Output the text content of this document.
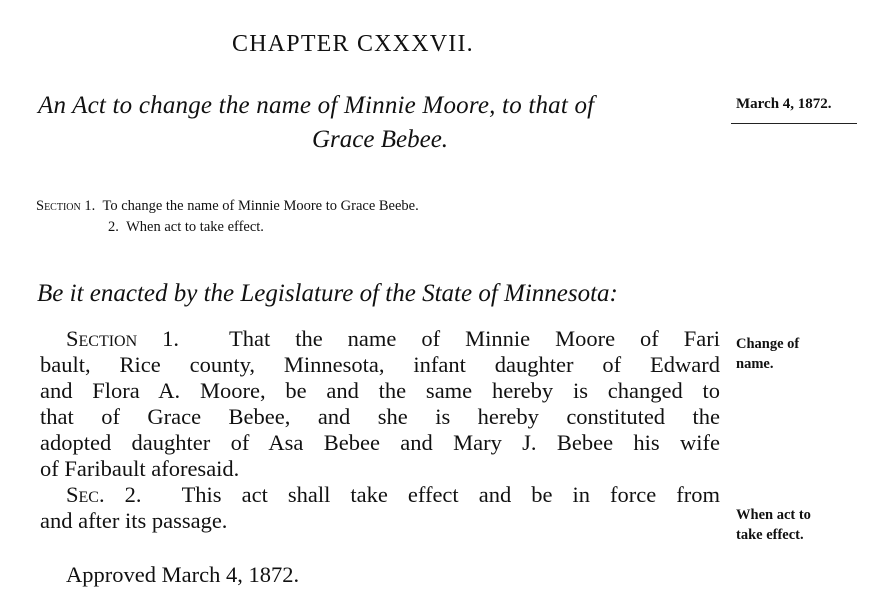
CHAPTER CXXXVII.
An Act to change the name of Minnie Moore, to that of
Grace Bebee.
March 4, 1872.
Section 1. To change the name of Minnie Moore to Grace Beebe.
2. When act to take effect.
Be it enacted by the Legislature of the State of Minnesota:
Section 1. That the name of Minnie Moore of Fari
bault, Rice county, Minnesota, infant daughter of Edward
and Flora A. Moore, be and the same hereby is changed to
that of Grace Bebee, and she is hereby constituted the
adopted daughter of Asa Bebee and Mary J. Bebee his wife
of Faribault aforesaid.
Sec. 2. This act shall take effect and be in force from
and after its passage.
Change of
name.
When act to
take effect.
Approved March 4, 1872.
